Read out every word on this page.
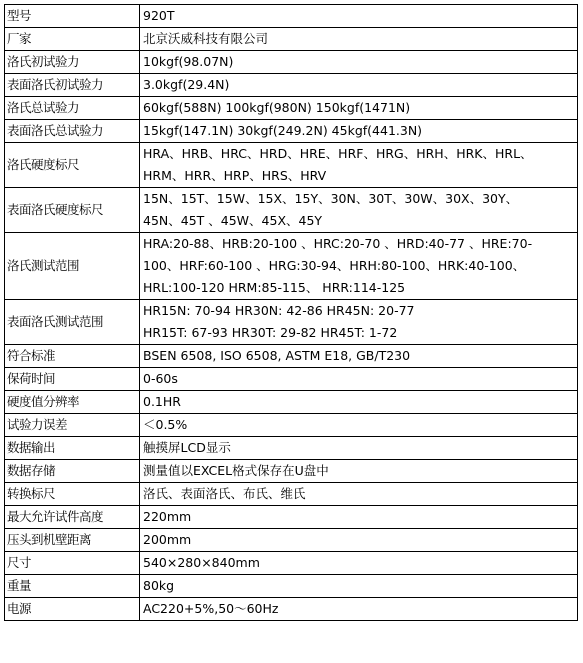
型号	920T

厂家	北京沃威科技有限公司

洛氏初试验力	10kgf(98.07N)

表面洛氏初试验力	3.0kgf(29.4N)

洛氏总试验力	60kgf(588N) 100kgf(980N) 150kgf(1471N)

表面洛氏总试验力	15kgf(147.1N) 30kgf(249.2N) 45kgf(441.3N)

洛氏硬度标尺	HRA、HRB、HRC、HRD、HRE、HRF、HRG、HRH、HRK、HRL、
HRM、HRR、HRP、HRS、HRV

表面洛氏硬度标尺	15N、15T、15W、15X、15Y、30N、30T、30W、30X、30Y、
45N、45T 、45W、45X、45Y

洛氏测试范围	HRA:20-88、HRB:20-100 、HRC:20-70 、HRD:40-77 、HRE:70-
100、HRF:60-100 、HRG:30-94、HRH:80-100、HRK:40-100、
HRL:100-120 HRM:85-115、 HRR:114-125

表面洛氏测试范围	HR15N: 70-94 HR30N: 42-86 HR45N: 20-77
HR15T: 67-93 HR30T: 29-82 HR45T: 1-72

符合标准	BSEN 6508, ISO 6508, ASTM E18, GB/T230

保荷时间	0-60s

硬度值分辨率	0.1HR

试验力误差	＜0.5%

数据输出	触摸屏LCD显示

数据存储	测量值以EXCEL格式保存在U盘中

转换标尺	洛氏、表面洛氏、布氏、维氏

最大允许试件高度	220mm

压头到机壁距离	200mm

尺寸	540×280×840mm

重量	80kg

电源	AC220+5%,50～60Hz
